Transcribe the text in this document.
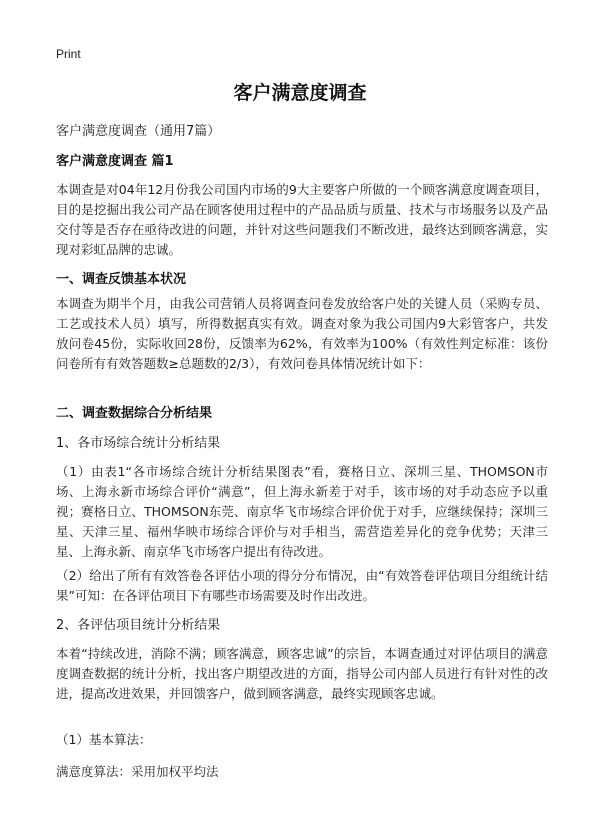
Print
客户满意度调查

客户满意度调查（通用7篇）

客户满意度调查 篇1

本调查是对04年12月份我公司国内市场的9大主要客户所做的一个顾客满意度调查项目，目的是挖掘出我公司产品在顾客使用过程中的产品品质与质量、技术与市场服务以及产品交付等是否存在亟待改进的问题，并针对这些问题我们不断改进，最终达到顾客满意，实现对彩虹品牌的忠诚。

一、调查反馈基本状况

本调查为期半个月，由我公司营销人员将调查问卷发放给客户处的关键人员（采购专员、工艺或技术人员）填写，所得数据真实有效。调查对象为我公司国内9大彩管客户，共发放问卷45份，实际收回28份，反馈率为62%，有效率为100%（有效性判定标准：该份问卷所有有效答题数≥总题数的2/3），有效问卷具体情况统计如下：

二、调查数据综合分析结果

1、各市场综合统计分析结果

（1）由表1“各市场综合统计分析结果图表”看，赛格日立、深圳三星、THOMSON市场、上海永新市场综合评价“满意”，但上海永新差于对手，该市场的对手动态应予以重视；赛格日立、THOMSON东莞、南京华飞市场综合评价优于对手，应继续保持；深圳三星、天津三星、福州华映市场综合评价与对手相当，需营造差异化的竞争优势；天津三星、上海永新、南京华飞市场客户提出有待改进。

（2）给出了所有有效答卷各评估小项的得分分布情况，由“有效答卷评估项目分组统计结果”可知：在各评估项目下有哪些市场需要及时作出改进。

2、各评估项目统计分析结果

本着“持续改进，消除不满；顾客满意，顾客忠诚”的宗旨，本调查通过对评估项目的满意度调查数据的统计分析，找出客户期望改进的方面，指导公司内部人员进行有针对性的改进，提高改进效果，并回馈客户，做到顾客满意，最终实现顾客忠诚。

（1）基本算法：

满意度算法：采用加权平均法
